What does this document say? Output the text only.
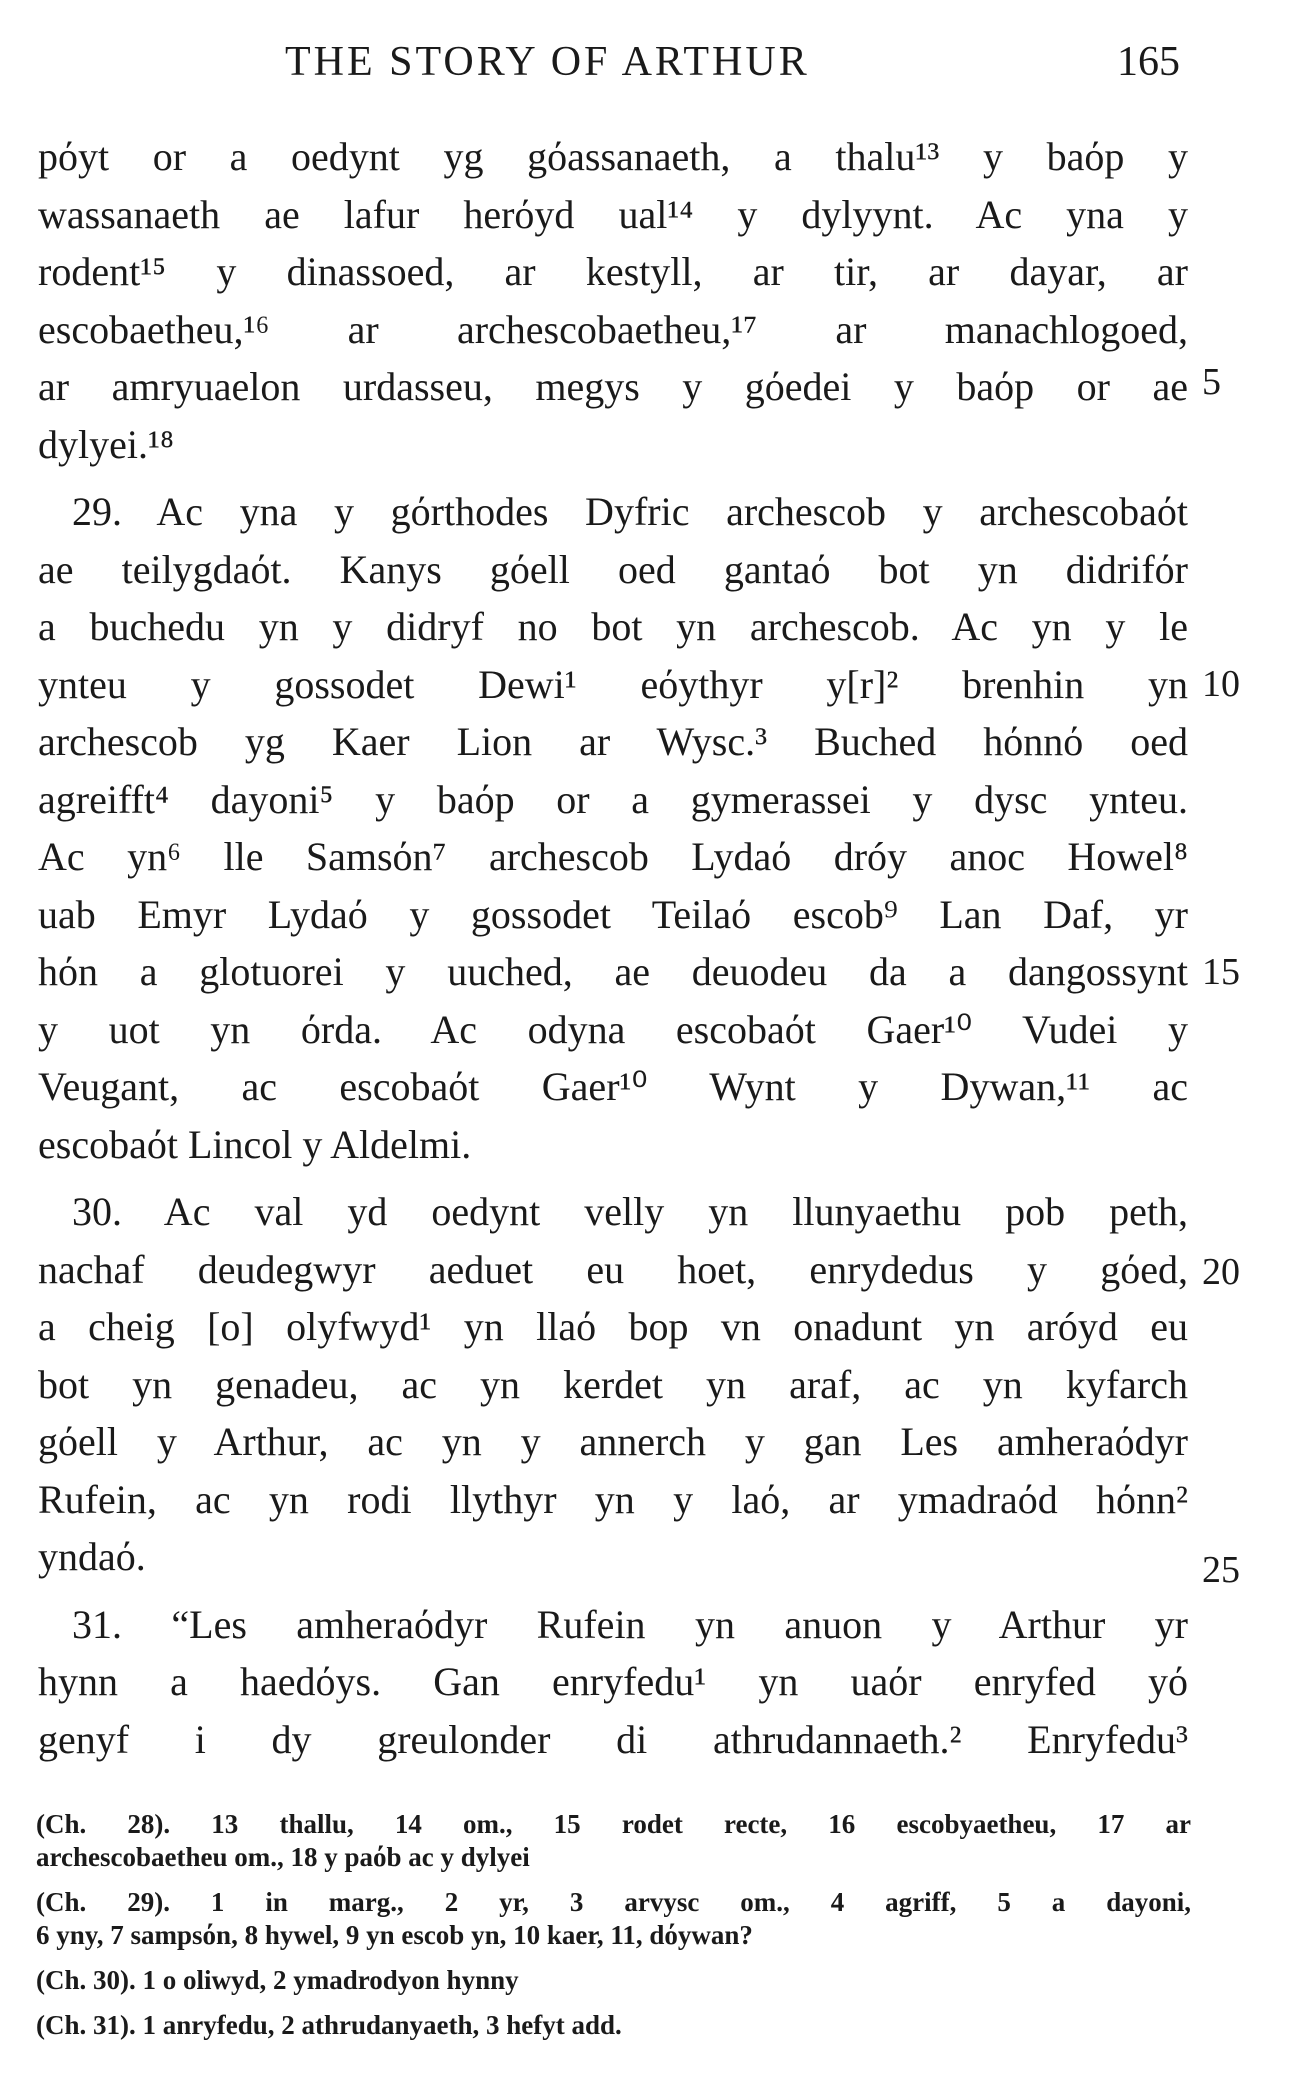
THE STORY OF ARTHUR	165
pόyt or a oedynt yg gόassanaeth, a thalu¹³ y baόp y
wassanaeth ae lafur herόyd ual¹⁴ y dylyynt. Ac yna y
rodent¹⁵ y dinassoed, ar kestyll, ar tir, ar dayar, ar
escobaetheu,¹⁶ ar archescobaetheu,¹⁷ ar manachlogoed,
ar amryuaelon urdasseu, megys y gόedei y baόp or ae
dylyei.¹⁸
29. Ac yna y gόrthodes Dyfric archescob y archescobaόt
ae teilygdaόt. Kanys gόell oed gantaό bot yn didrifόr
a buchedu yn y didryf no bot yn archescob. Ac yn y le
ynteu y gossodet Dewi¹ eόythyr y[r]² brenhin yn
archescob yg Kaer Lion ar Wysc.³ Buched hόnnό oed
agreifft⁴ dayoni⁵ y baόp or a gymerassei y dysc ynteu.
Ac yn⁶ lle Samsόn⁷ archescob Lydaό dróy anoc Howel⁸
uab Emyr Lydaό y gossodet Teilaό escob⁹ Lan Daf, yr
hόn a glotuorei y uuched, ae deuodeu da a dangossynt
y uot yn όrda. Ac odyna escobaόt Gaer¹⁰ Vudei y
Veugant, ac escobaόt Gaer¹⁰ Wynt y Dywan,¹¹ ac
escobaόt Lincol y Aldelmi.
30. Ac val yd oedynt velly yn llunyaethu pob peth,
nachaf deudegwyr aeduet eu hoet, enrydedus y gόed,
a cheig [o] olyfwyd¹ yn llaό bop vn onadunt yn aróyd eu
bot yn genadeu, ac yn kerdet yn araf, ac yn kyfarch
gόell y Arthur, ac yn y annerch y gan Les amheraόdyr
Rufein, ac yn rodi llythyr yn y laό, ar ymadraόd hόnn²
yndaό.
31. “Les amheraόdyr Rufein yn anuon y Arthur yr
hynn a haedόys. Gan enryfedu¹ yn uaόr enryfed yό
genyf i dy greulonder di athrudannaeth.² Enryfedu³
5
10
15
20
25
(Ch. 28). 13 thallu, 14 om., 15 rodet recte, 16 escobyaetheu, 17 ar
archescobaetheu om., 18 y paόb ac y dylyei
(Ch. 29). 1 in marg., 2 yr, 3 arvysc om., 4 agriff, 5 a dayoni,
6 yny, 7 sampsόn, 8 hywel, 9 yn escob yn, 10 kaer, 11, dόywan?
(Ch. 30). 1 o oliwyd, 2 ymadrodyon hynny
(Ch. 31). 1 anryfedu, 2 athrudanyaeth, 3 hefyt add.
